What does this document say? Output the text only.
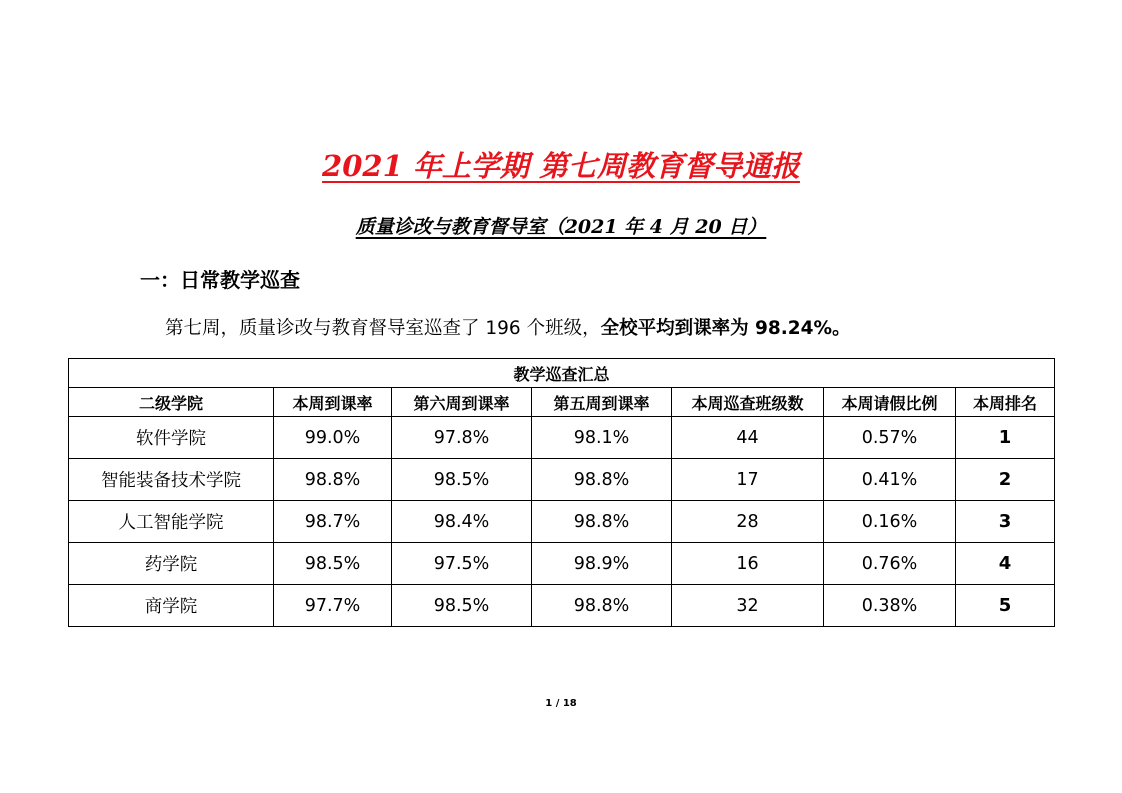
2021 年上学期 第七周教育督导通报
质量诊改与教育督导室（2021 年 4 月 20 日）
一：日常教学巡查
第七周，质量诊改与教育督导室巡查了 196 个班级，全校平均到课率为 98.24%。
教学巡查汇总						
二级学院	本周到课率	第六周到课率	第五周到课率	本周巡查班级数	本周请假比例	本周排名
软件学院	99.0%	97.8%	98.1%	44	0.57%	1
智能装备技术学院	98.8%	98.5%	98.8%	17	0.41%	2
人工智能学院	98.7%	98.4%	98.8%	28	0.16%	3
药学院	98.5%	97.5%	98.9%	16	0.76%	4
商学院	97.7%	98.5%	98.8%	32	0.38%	5
1 / 18
